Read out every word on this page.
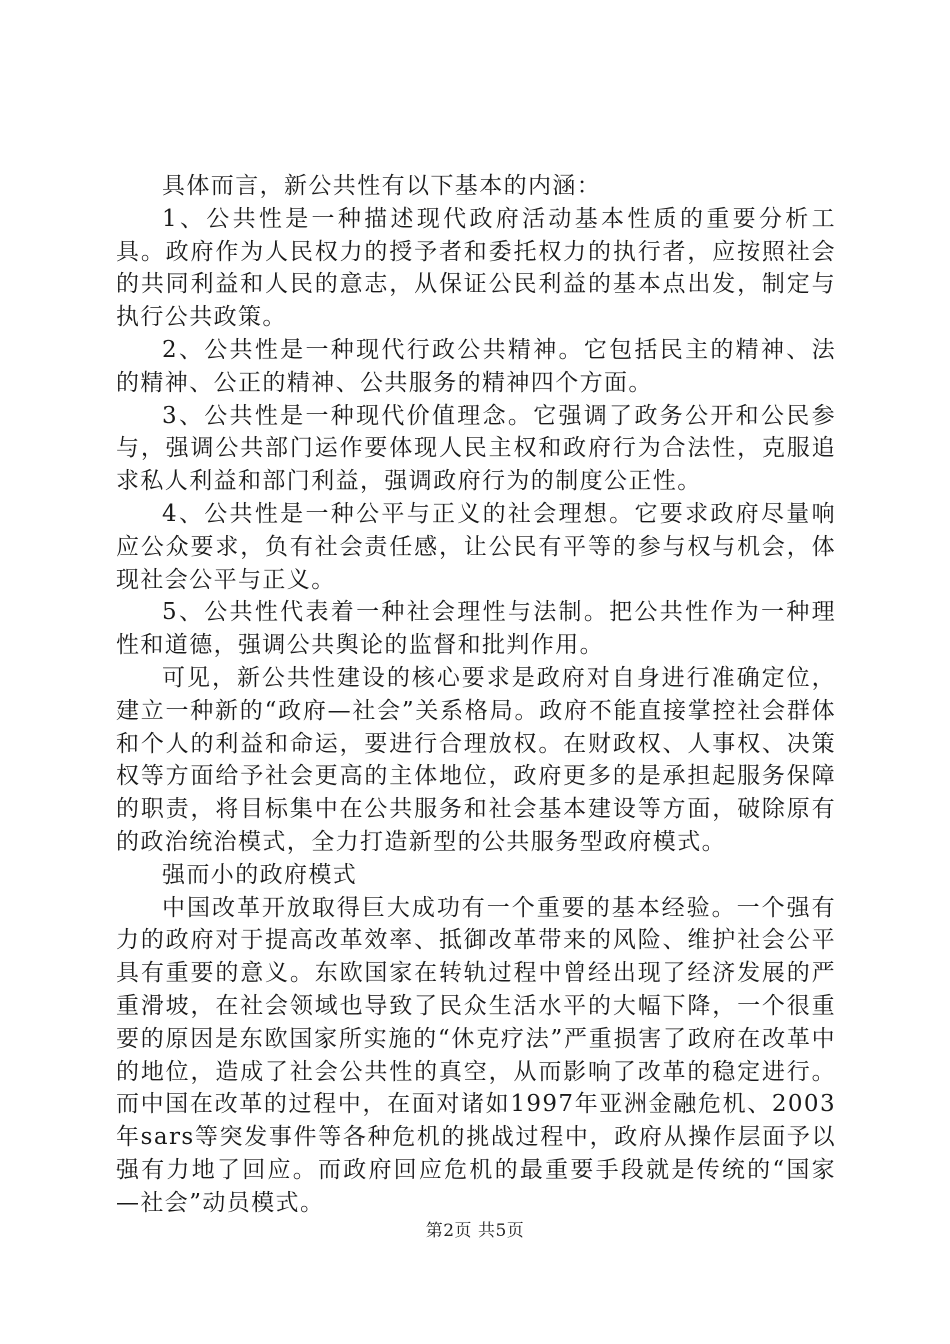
具体而言，新公共性有以下基本的内涵：

1、公共性是一种描述现代政府活动基本性质的重要分析工具。政府作为人民权力的授予者和委托权力的执行者，应按照社会的共同利益和人民的意志，从保证公民利益的基本点出发，制定与执行公共政策。

2、公共性是一种现代行政公共精神。它包括民主的精神、法的精神、公正的精神、公共服务的精神四个方面。

3、公共性是一种现代价值理念。它强调了政务公开和公民参与，强调公共部门运作要体现人民主权和政府行为合法性，克服追求私人利益和部门利益，强调政府行为的制度公正性。

4、公共性是一种公平与正义的社会理想。它要求政府尽量响应公众要求，负有社会责任感，让公民有平等的参与权与机会，体现社会公平与正义。

5、公共性代表着一种社会理性与法制。把公共性作为一种理性和道德，强调公共舆论的监督和批判作用。

可见，新公共性建设的核心要求是政府对自身进行准确定位，建立一种新的“政府—社会”关系格局。政府不能直接掌控社会群体和个人的利益和命运，要进行合理放权。在财政权、人事权、决策权等方面给予社会更高的主体地位，政府更多的是承担起服务保障的职责，将目标集中在公共服务和社会基本建设等方面，破除原有的政治统治模式，全力打造新型的公共服务型政府模式。

强而小的政府模式

中国改革开放取得巨大成功有一个重要的基本经验。一个强有力的政府对于提高改革效率、抵御改革带来的风险、维护社会公平具有重要的意义。东欧国家在转轨过程中曾经出现了经济发展的严重滑坡，在社会领域也导致了民众生活水平的大幅下降，一个很重要的原因是东欧国家所实施的“休克疗法”严重损害了政府在改革中的地位，造成了社会公共性的真空，从而影响了改革的稳定进行。而中国在改革的过程中，在面对诸如1997年亚洲金融危机、2003年sars等突发事件等各种危机的挑战过程中，政府从操作层面予以强有力地了回应。而政府回应危机的最重要手段就是传统的“国家—社会”动员模式。

第2页 共5页
